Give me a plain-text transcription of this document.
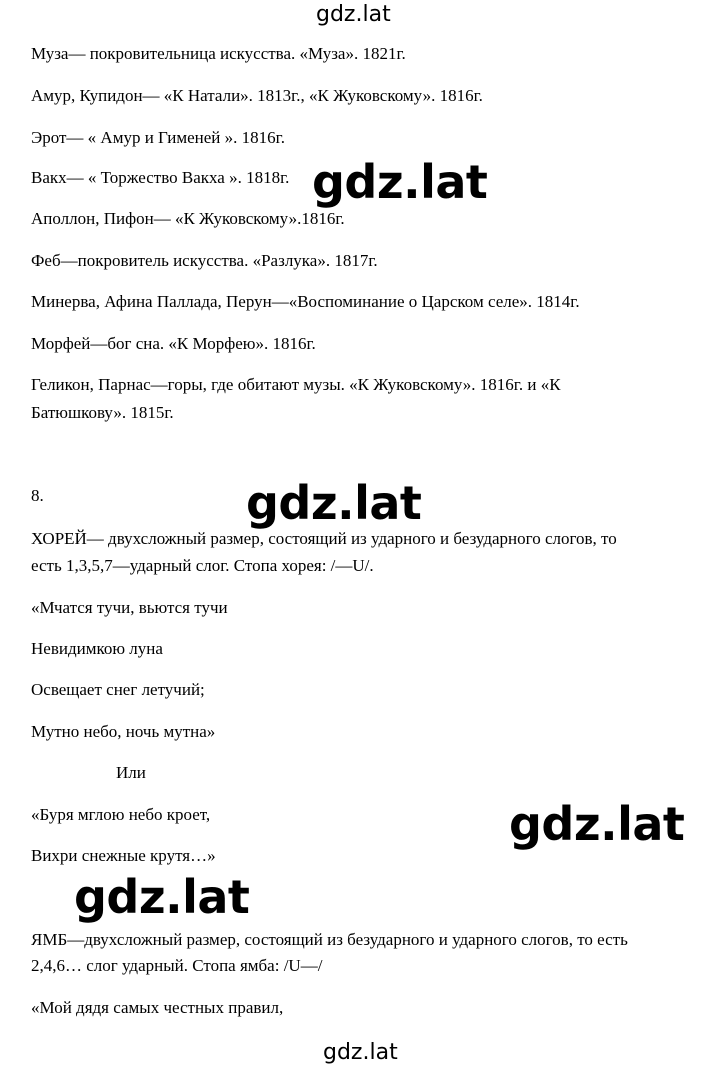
gdz.lat
Муза— покровительница искусства. «Муза». 1821г.
Амур, Купидон— «К Натали». 1813г., «К Жуковскому». 1816г.
Эрот— « Амур и Гименей ». 1816г.
Вакх— « Торжество Вакха ». 1818г. gdz.lat
Аполлон, Пифон— «К Жуковскому».1816г.
Феб—покровитель искусства. «Разлука». 1817г.
Минерва, Афина Паллада, Перун—«Воспоминание о Царском селе». 1814г.
Морфей—бог сна. «К Морфею». 1816г.
Геликон, Парнас—горы, где обитают музы. «К Жуковскому». 1816г. и «К
Батюшкову». 1815г.
8.	gdz.lat
ХОРЕЙ— двухсложный размер, состоящий из ударного и безударного слогов, то
есть 1,3,5,7—ударный слог. Стопа хорея: /—U/.
«Мчатся тучи, вьются тучи
Невидимкою луна
Освещает снег летучий;
Мутно небо, ночь мутна»
Или
«Буря мглою небо кроет,	gdz.lat
Вихри снежные крутя…»
gdz.lat
ЯМБ—двухсложный размер, состоящий из безударного и ударного слогов, то есть
2,4,6… слог ударный. Стопа ямба: /U—/
«Мой дядя самых честных правил,
gdz.lat
